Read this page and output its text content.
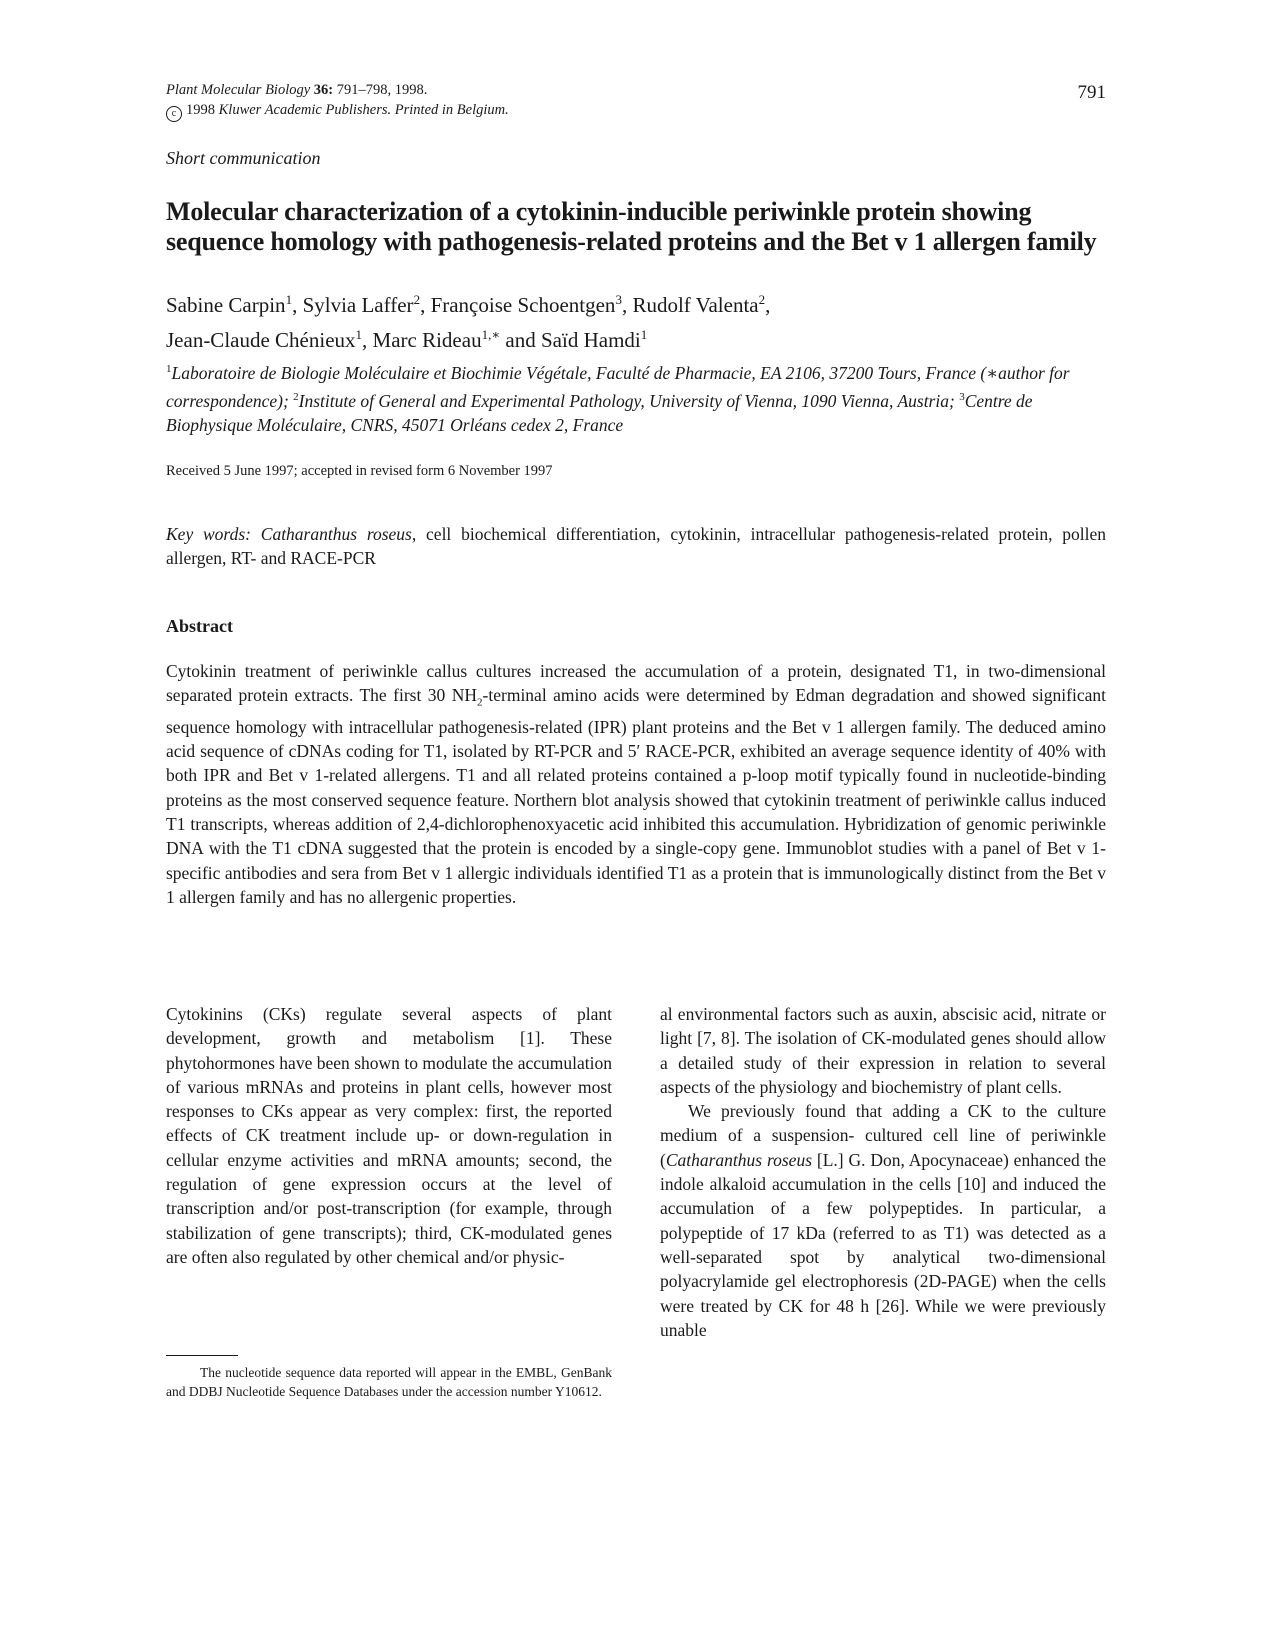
Plant Molecular Biology 36: 791–798, 1998.
c 1998 Kluwer Academic Publishers. Printed in Belgium.
791
Short communication
Molecular characterization of a cytokinin-inducible periwinkle protein showing sequence homology with pathogenesis-related proteins and the Bet v 1 allergen family
Sabine Carpin$^1$, Sylvia Laffer$^2$, Françoise Schoentgen$^3$, Rudolf Valenta$^2$,
Jean-Claude Chénieux$^1$, Marc Rideau$^{1,∗}$ and Saïd Hamdi$^1$
$^1$Laboratoire de Biologie Moléculaire et Biochimie Végétale, Faculté de Pharmacie, EA 2106, 37200 Tours, France (∗author for correspondence); $^2$Institute of General and Experimental Pathology, University of Vienna, 1090 Vienna, Austria; $^3$Centre de Biophysique Moléculaire, CNRS, 45071 Orléans cedex 2, France
Received 5 June 1997; accepted in revised form 6 November 1997
Key words: Catharanthus roseus, cell biochemical differentiation, cytokinin, intracellular pathogenesis-related protein, pollen allergen, RT- and RACE-PCR
Abstract
Cytokinin treatment of periwinkle callus cultures increased the accumulation of a protein, designated T1, in two-dimensional separated protein extracts. The first 30 $NH_2$-terminal amino acids were determined by Edman degradation and showed significant sequence homology with intracellular pathogenesis-related (IPR) plant proteins and the Bet v 1 allergen family. The deduced amino acid sequence of cDNAs coding for T1, isolated by RT-PCR and 5′ RACE-PCR, exhibited an average sequence identity of 40% with both IPR and Bet v 1-related allergens. T1 and all related proteins contained a p-loop motif typically found in nucleotide-binding proteins as the most conserved sequence feature. Northern blot analysis showed that cytokinin treatment of periwinkle callus induced T1 transcripts, whereas addition of 2,4-dichlorophenoxyacetic acid inhibited this accumulation. Hybridization of genomic periwinkle DNA with the T1 cDNA suggested that the protein is encoded by a single-copy gene. Immunoblot studies with a panel of Bet v 1-specific antibodies and sera from Bet v 1 allergic individuals identified T1 as a protein that is immunologically distinct from the Bet v 1 allergen family and has no allergenic properties.

Cytokinins (CKs) regulate several aspects of plant development, growth and metabolism [1]. These phytohormones have been shown to modulate the accumulation of various mRNAs and proteins in plant cells, however most responses to CKs appear as very complex: first, the reported effects of CK treatment include up- or down-regulation in cellular enzyme activities and mRNA amounts; second, the regulation of gene expression occurs at the level of transcription and/or post-transcription (for example, through stabilization of gene transcripts); third, CK-modulated genes are often also regulated by other chemical and/or physic-

al environmental factors such as auxin, abscisic acid, nitrate or light [7, 8]. The isolation of CK-modulated genes should allow a detailed study of their expression in relation to several aspects of the physiology and biochemistry of plant cells.

We previously found that adding a CK to the culture medium of a suspension- cultured cell line of periwinkle (Catharanthus roseus [L.] G. Don, Apocynaceae) enhanced the indole alkaloid accumulation in the cells [10] and induced the accumulation of a few polypeptides. In particular, a polypeptide of 17 kDa (referred to as T1) was detected as a well-separated spot by analytical two-dimensional polyacrylamide gel electrophoresis (2D-PAGE) when the cells were treated by CK for 48 h [26]. While we were previously unable

The nucleotide sequence data reported will appear in the EMBL, GenBank and DDBJ Nucleotide Sequence Databases under the accession number Y10612.
